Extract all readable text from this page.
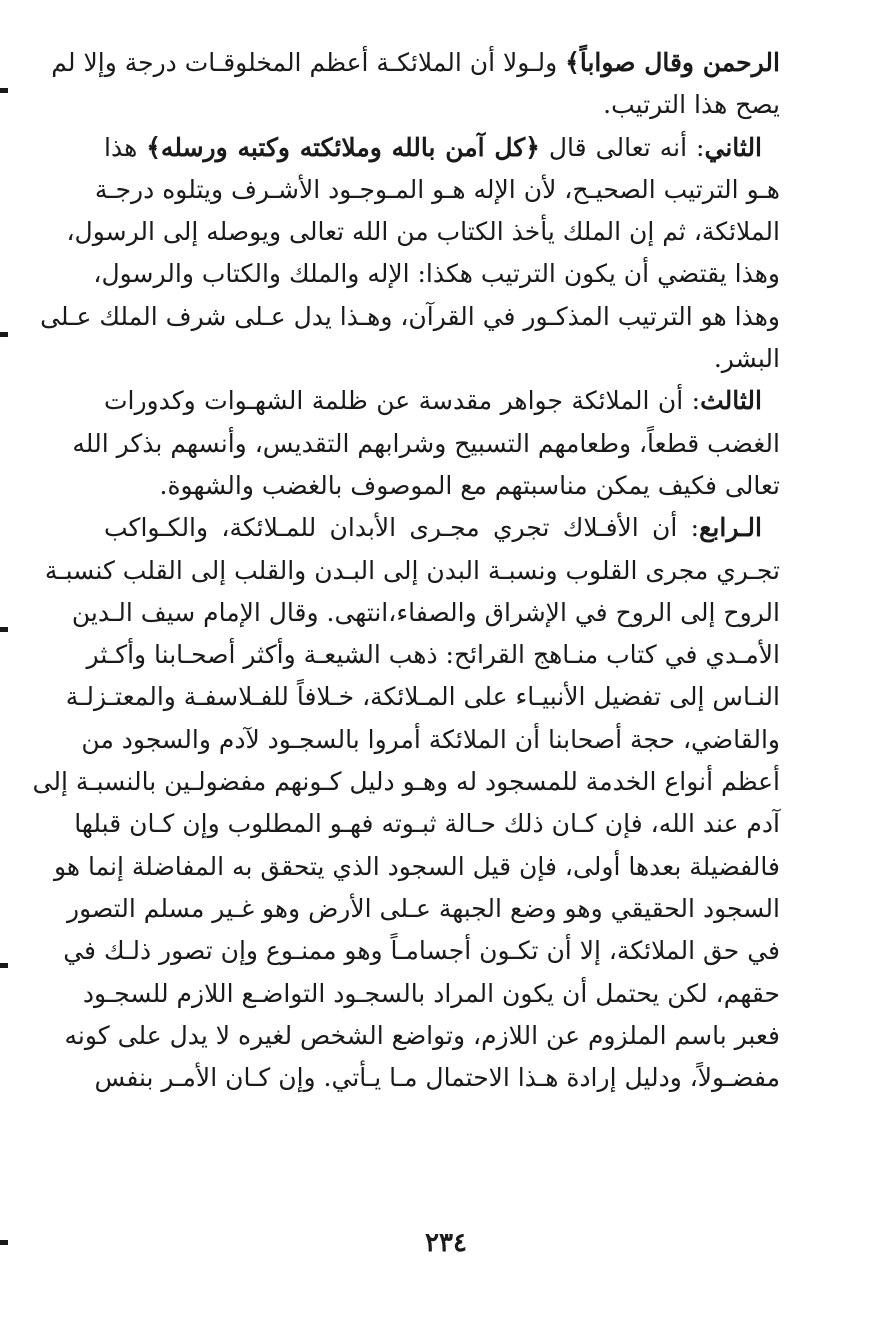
الرحمن وقال صواباً﴾ ولـولا أن الملائكـة أعظم المخلوقـات درجة وإلا لم
يصح هذا الترتيب.
الثاني: أنه تعالى قال ﴿كل آمن بالله وملائكته وكتبه ورسله﴾ هذا
هـو الترتيب الصحيـح، لأن الإله هـو المـوجـود الأشـرف ويتلوه درجـة
الملائكة، ثم إن الملك يأخذ الكتاب من الله تعالى ويوصله إلى الرسول،
وهذا يقتضي أن يكون الترتيب هكذا: الإله والملك والكتاب والرسول،
وهذا هو الترتيب المذكـور في القرآن، وهـذا يدل عـلى شرف الملك عـلى
البشر.
الثالث: أن الملائكة جواهر مقدسة عن ظلمة الشهـوات وكدورات
الغضب قطعاً، وطعامهم التسبيح وشرابهم التقديس، وأنسهم بذكر الله
تعالى فكيف يمكن مناسبتهم مع الموصوف بالغضب والشهوة.
الـرابع: أن الأفـلاك تجري مجـرى الأبدان للمـلائكة، والكـواكب
تجـري مجرى القلوب ونسبـة البدن إلى البـدن والقلب إلى القلب كنسبـة
الروح إلى الروح في الإشراق والصفاء،انتهى. وقال الإمام سيف الـدين
الأمـدي في كتاب منـاهج القرائح: ذهب الشيعـة وأكثر أصحـابنا وأكـثر
النـاس إلى تفضيل الأنبيـاء على المـلائكة، خـلافاً للفـلاسفـة والمعتـزلـة
والقاضي، حجة أصحابنا أن الملائكة أمروا بالسجـود لآدم والسجود من
أعظم أنواع الخدمة للمسجود له وهـو دليل كـونهم مفضولـين بالنسبـة إلى
آدم عند الله، فإن كـان ذلك حـالة ثبـوته فهـو المطلوب وإن كـان قبلها
فالفضيلة بعدها أولى، فإن قيل السجود الذي يتحقق به المفاضلة إنما هو
السجود الحقيقي وهو وضع الجبهة عـلى الأرض وهو غـير مسلم التصور
في حق الملائكة، إلا أن تكـون أجسامـاً وهو ممنـوع وإن تصور ذلـك في
حقهم، لكن يحتمل أن يكون المراد بالسجـود التواضـع اللازم للسجـود
فعبر باسم الملزوم عن اللازم، وتواضع الشخص لغيره لا يدل على كونه
مفضـولاً، ودليل إرادة هـذا الاحتمال مـا يـأتي. وإن كـان الأمـر بنفس
٢٣٤
